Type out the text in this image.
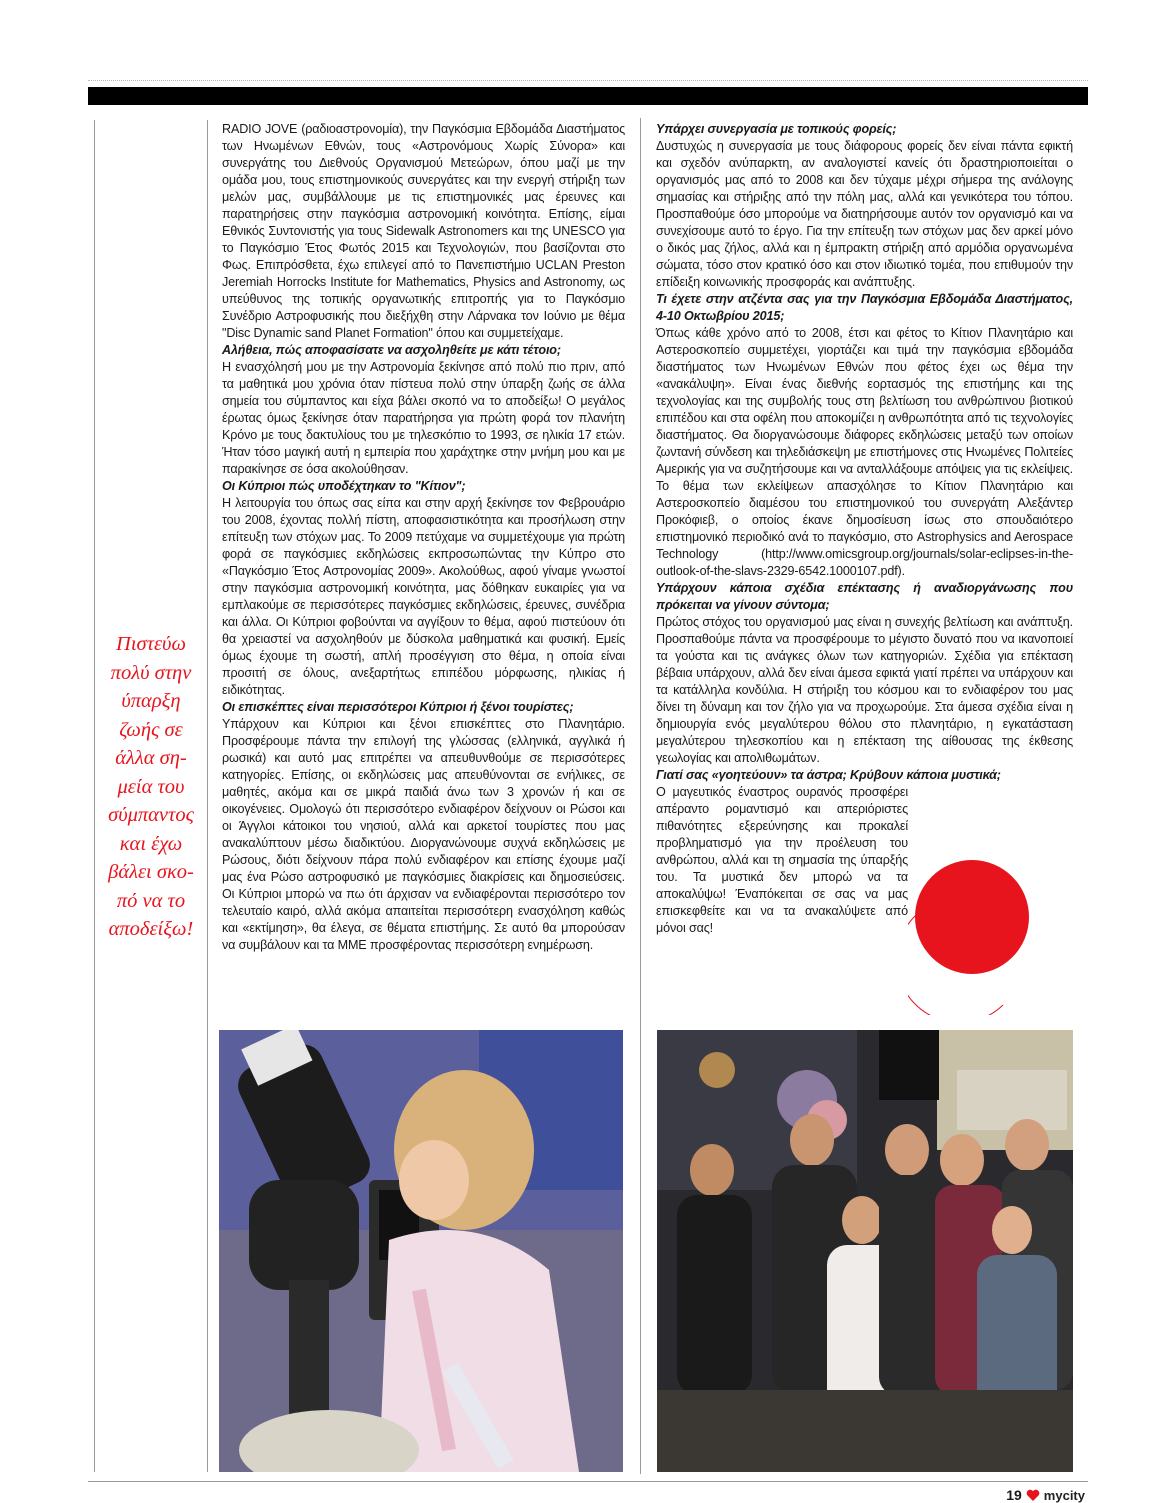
Πιστεύω πολύ στην ύπαρξη ζωής σε άλλα ση-μεία του σύμπαντος και έχω βάλει σκο-πό να το αποδείξω!

RADIO JOVE (ραδιοαστρονομία), την Παγκόσμια Εβδομάδα Διαστήματος των Ηνωμένων Εθνών, τους «Αστρονόμους Χωρίς Σύνορα» και συνεργάτης του Διεθνούς Οργανισμού Μετεώρων, όπου μαζί με την ομάδα μου, τους επιστημονικούς συνεργάτες και την ενεργή στήριξη των μελών μας, συμβάλλουμε με τις επιστημονικές μας έρευνες και παρατηρήσεις στην παγκόσμια αστρονομική κοινότητα. Επίσης, είμαι Εθνικός Συντονιστής για τους Sidewalk Astronomers και της UNESCO για το Παγκόσμιο Έτος Φωτός 2015 και Τεχνολογιών, που βασίζονται στο Φως. Επιπρόσθετα, έχω επιλεγεί από το Πανεπιστήμιο UCLAN Preston Jeremiah Horrocks Institute for Mathematics, Physics and Astronomy, ως υπεύθυνος της τοπικής οργανωτικής επιτροπής για το Παγκόσμιο Συνέδριο Αστροφυσικής που διεξήχθη στην Λάρνακα τον Ιούνιο με θέμα "Disc Dynamic sand Planet Formation" όπου και συμμετείχαμε.

Αλήθεια, πώς αποφασίσατε να ασχοληθείτε με κάτι τέτοιο;

Η ενασχόλησή μου με την Αστρονομία ξεκίνησε από πολύ πιο πριν, από τα μαθητικά μου χρόνια όταν πίστευα πολύ στην ύπαρξη ζωής σε άλλα σημεία του σύμπαντος και είχα βάλει σκοπό να το αποδείξω! Ο μεγάλος έρωτας όμως ξεκίνησε όταν παρατήρησα για πρώτη φορά τον πλανήτη Κρόνο με τους δακτυλίους του με τηλεσκόπιο το 1993, σε ηλικία 17 ετών. Ήταν τόσο μαγική αυτή η εμπειρία που χαράχτηκε στην μνήμη μου και με παρακίνησε σε όσα ακολούθησαν.

Οι Κύπριοι πώς υποδέχτηκαν το "Κίτιον";

Η λειτουργία του όπως σας είπα και στην αρχή ξεκίνησε τον Φεβρουάριο του 2008, έχοντας πολλή πίστη, αποφασιστικότητα και προσήλωση στην επίτευξη των στόχων μας. Το 2009 πετύχαμε να συμμετέχουμε για πρώτη φορά σε παγκόσμιες εκδηλώσεις εκπροσωπώντας την Κύπρο στο «Παγκόσμιο Έτος Αστρονομίας 2009». Ακολούθως, αφού γίναμε γνωστοί στην παγκόσμια αστρονομική κοινότητα, μας δόθηκαν ευκαιρίες για να εμπλακούμε σε περισσότερες παγκόσμιες εκδηλώσεις, έρευνες, συνέδρια και άλλα. Οι Κύπριοι φοβούνται να αγγίξουν το θέμα, αφού πιστεύουν ότι θα χρειαστεί να ασχοληθούν με δύσκολα μαθηματικά και φυσική. Εμείς όμως έχουμε τη σωστή, απλή προσέγγιση στο θέμα, η οποία είναι προσιτή σε όλους, ανεξαρτήτως επιπέδου μόρφωσης, ηλικίας ή ειδικότητας.

Οι επισκέπτες είναι περισσότεροι Κύπριοι ή ξένοι τουρίστες;

Υπάρχουν και Κύπριοι και ξένοι επισκέπτες στο Πλανητάριο. Προσφέρουμε πάντα την επιλογή της γλώσσας (ελληνικά, αγγλικά ή ρωσικά) και αυτό μας επιτρέπει να απευθυνθούμε σε περισσότερες κατηγορίες. Επίσης, οι εκδηλώσεις μας απευθύνονται σε ενήλικες, σε μαθητές, ακόμα και σε μικρά παιδιά άνω των 3 χρονών ή και σε οικογένειες. Ομολογώ ότι περισσότερο ενδιαφέρον δείχνουν οι Ρώσοι και οι Άγγλοι κάτοικοι του νησιού, αλλά και αρκετοί τουρίστες που μας ανακαλύπτουν μέσω διαδικτύου. Διοργανώνουμε συχνά εκδηλώσεις με Ρώσους, διότι δείχνουν πάρα πολύ ενδιαφέρον και επίσης έχουμε μαζί μας ένα Ρώσο αστροφυσικό με παγκόσμιες διακρίσεις και δημοσιεύσεις. Οι Κύπριοι μπορώ να πω ότι άρχισαν να ενδιαφέρονται περισσότερο τον τελευταίο καιρό, αλλά ακόμα απαιτείται περισσότερη ενασχόληση καθώς και «εκτίμηση», θα έλεγα, σε θέματα επιστήμης. Σε αυτό θα μπορούσαν να συμβάλουν και τα ΜΜΕ προσφέροντας περισσότερη ενημέρωση.

Υπάρχει συνεργασία με τοπικούς φορείς;

Δυστυχώς η συνεργασία με τους διάφορους φορείς δεν είναι πάντα εφικτή και σχεδόν ανύπαρκτη, αν αναλογιστεί κανείς ότι δραστηριοποιείται ο οργανισμός μας από το 2008 και δεν τύχαμε μέχρι σήμερα της ανάλογης σημασίας και στήριξης από την πόλη μας, αλλά και γενικότερα του τόπου. Προσπαθούμε όσο μπορούμε να διατηρήσουμε αυτόν τον οργανισμό και να συνεχίσουμε αυτό το έργο. Για την επίτευξη των στόχων μας δεν αρκεί μόνο ο δικός μας ζήλος, αλλά και η έμπρακτη στήριξη από αρμόδια οργανωμένα σώματα, τόσο στον κρατικό όσο και στον ιδιωτικό τομέα, που επιθυμούν την επίδειξη κοινωνικής προσφοράς και ανάπτυξης.

Τι έχετε στην ατζέντα σας για την Παγκόσμια Εβδομάδα Διαστήματος, 4-10 Οκτωβρίου 2015;

Όπως κάθε χρόνο από το 2008, έτσι και φέτος το Κίτιον Πλανητάριο και Αστεροσκοπείο συμμετέχει, γιορτάζει και τιμά την παγκόσμια εβδομάδα διαστήματος των Ηνωμένων Εθνών που φέτος έχει ως θέμα την «ανακάλυψη». Είναι ένας διεθνής εορτασμός της επιστήμης και της τεχνολογίας και της συμβολής τους στη βελτίωση του ανθρώπινου βιοτικού επιπέδου και στα οφέλη που αποκομίζει η ανθρωπότητα από τις τεχνολογίες διαστήματος. Θα διοργανώσουμε διάφορες εκδηλώσεις μεταξύ των οποίων ζωντανή σύνδεση και τηλεδιάσκεψη με επιστήμονες στις Ηνωμένες Πολιτείες Αμερικής για να συζητήσουμε και να ανταλλάξουμε απόψεις για τις εκλείψεις. Το θέμα των εκλείψεων απασχόλησε το Κίτιον Πλανητάριο και Αστεροσκοπείο διαμέσου του επιστημονικού του συνεργάτη Αλεξάντερ Προκόφιεβ, ο οποίος έκανε δημοσίευση ίσως στο σπουδαιότερο επιστημονικό περιοδικό ανά το παγκόσμιο, στο Astrophysics and Aerospace Technology (http://www.omicsgroup.org/journals/solar-eclipses-in-the-outlook-of-the-slavs-2329-6542.1000107.pdf).

Υπάρχουν κάποια σχέδια επέκτασης ή αναδιοργάνωσης που πρόκειται να γίνουν σύντομα;

Πρώτος στόχος του οργανισμού μας είναι η συνεχής βελτίωση και ανάπτυξη. Προσπαθούμε πάντα να προσφέρουμε το μέγιστο δυνατό που να ικανοποιεί τα γούστα και τις ανάγκες όλων των κατηγοριών. Σχέδια για επέκταση βέβαια υπάρχουν, αλλά δεν είναι άμεσα εφικτά γιατί πρέπει να υπάρχουν και τα κατάλληλα κονδύλια. Η στήριξη του κόσμου και το ενδιαφέρον του μας δίνει τη δύναμη και τον ζήλο για να προχωρούμε. Στα άμεσα σχέδια είναι η δημιουργία ενός μεγαλύτερου θόλου στο πλανητάριο, η εγκατάσταση μεγαλύτερου τηλεσκοπίου και η επέκταση της αίθουσας της έκθεσης γεωλογίας και απολιθωμάτων.

Γιατί σας «γοητεύουν» τα άστρα; Κρύβουν κάποια μυστικά;

Ο μαγευτικός έναστρος ουρανός προσφέρει απέραντο ρομαντισμό και απεριόριστες πιθανότητες εξερεύνησης και προκαλεί προβληματισμό για την προέλευση του ανθρώπου, αλλά και τη σημασία της ύπαρξής του. Τα μυστικά δεν μπορώ να τα αποκαλύψω! Έναπόκειται σε σας να μας επισκεφθείτε και να τα ανακαλύψετε από μόνοι σας!

19 mycity
